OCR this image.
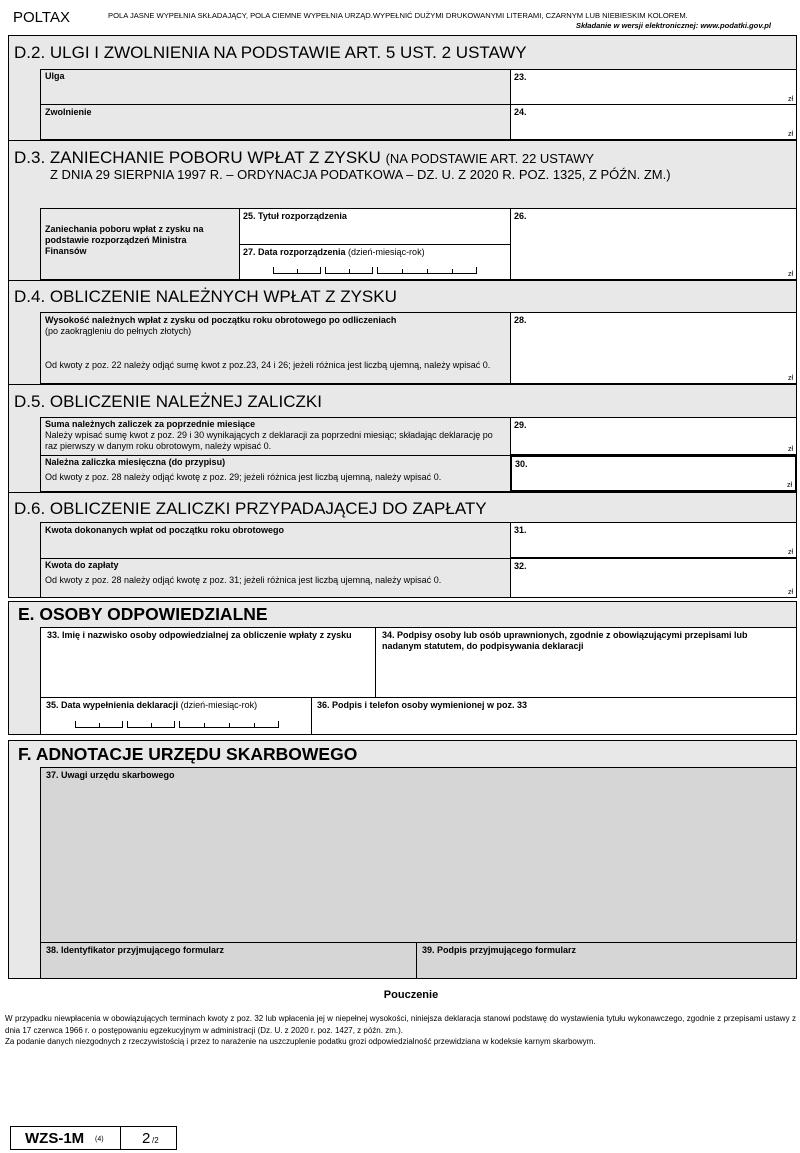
POLTAX	POLA JASNE WYPEŁNIA SKŁADAJĄCY, POLA CIEMNE WYPEŁNIA URZĄD.WYPEŁNIĆ DUŻYMI DRUKOWANYMI LITERAMI, CZARNYM LUB NIEBIESKIM KOLOREM.
Składanie w wersji elektronicznej: www.podatki.gov.pl
D.2. ULGI I ZWOLNIENIA NA PODSTAWIE ART. 5 UST. 2 USTAWY
Ulga	23.
zł
Zwolnienie	24.
zł
D.3. ZANIECHANIE POBORU WPŁAT Z ZYSKU (NA PODSTAWIE ART. 22 USTAWY
Z DNIA 29 SIERPNIA 1997 R. – ORDYNACJA PODATKOWA – DZ. U. Z 2020 R. POZ. 1325, Z PÓŹN. ZM.)
Zaniechania poboru wpłat z zysku na podstawie rozporządzeń Ministra Finansów
25. Tytuł rozporządzenia
27. Data rozporządzenia (dzień-miesiąc-rok)
26.
zł
D.4. OBLICZENIE NALEŻNYCH WPŁAT Z ZYSKU
Wysokość należnych wpłat z zysku od początku roku obrotowego po odliczeniach
(po zaokrągleniu do pełnych złotych)
Od kwoty z poz. 22 należy odjąć sumę kwot z poz.23, 24 i 26; jeżeli różnica jest liczbą ujemną, należy wpisać 0.
28.
zł
D.5. OBLICZENIE NALEŻNEJ ZALICZKI
Suma należnych zaliczek za poprzednie miesiące
Należy wpisać sumę kwot z poz. 29 i 30 wynikających z deklaracji za poprzedni miesiąc; składając deklarację po raz pierwszy w danym roku obrotowym, należy wpisać 0.
29.
zł
Należna zaliczka miesięczna (do przypisu)
Od kwoty z poz. 28 należy odjąć kwotę z poz. 29; jeżeli różnica jest liczbą ujemną, należy wpisać 0.
30.
zł
D.6. OBLICZENIE ZALICZKI PRZYPADAJĄCEJ DO ZAPŁATY
Kwota dokonanych wpłat od początku roku obrotowego	31.
zł
Kwota do zapłaty
Od kwoty z poz. 28 należy odjąć kwotę z poz. 31; jeżeli różnica jest liczbą ujemną, należy wpisać 0.
32.
zł
E. OSOBY ODPOWIEDZIALNE
33. Imię i nazwisko osoby odpowiedzialnej za obliczenie wpłaty z zysku	34. Podpisy osoby lub osób uprawnionych, zgodnie z obowiązującymi przepisami lub nadanym statutem, do podpisywania deklaracji
35. Data wypełnienia deklaracji (dzień-miesiąc-rok)	36. Podpis i telefon osoby wymienionej w poz. 33
F. ADNOTACJE URZĘDU SKARBOWEGO
37. Uwagi urzędu skarbowego
38. Identyfikator przyjmującego formularz	39. Podpis przyjmującego formularz
Pouczenie
W przypadku niewpłacenia w obowiązujących terminach kwoty z poz. 32 lub wpłacenia jej w niepełnej wysokości, niniejsza deklaracja stanowi podstawę do wystawienia tytułu wykonawczego, zgodnie z przepisami ustawy z dnia 17 czerwca 1966 r. o postępowaniu egzekucyjnym w administracji (Dz. U. z 2020 r. poz. 1427, z późn. zm.).
Za podanie danych niezgodnych z rzeczywistością i przez to narażenie na uszczuplenie podatku grozi odpowiedzialność przewidziana w kodeksie karnym skarbowym.
WZS-1M (4)	2 /2
